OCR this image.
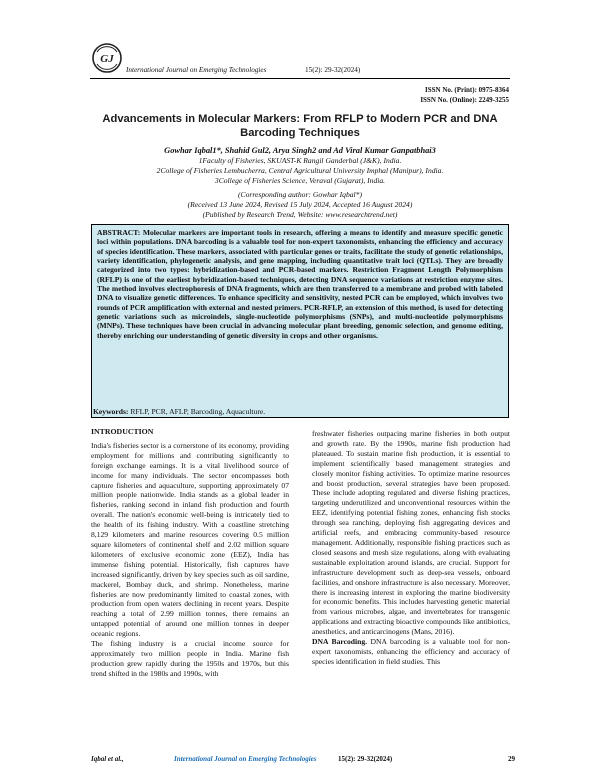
GJ
International Journal on Emerging Technologies	15(2): 29-32(2024)
ISSN No. (Print): 0975-8364
ISSN No. (Online): 2249-3255
Advancements in Molecular Markers: From RFLP to Modern PCR and DNA Barcoding Techniques
Gowhar Iqbal1*, Shahid Gul2, Arya Singh2 and Ad Viral Kumar Ganpatbhai3
1Faculty of Fisheries, SKUAST-K Rangil Ganderbal (J&K), India.
2College of Fisheries Lembucherra, Central Agricultural University Imphal (Manipur), India.
3College of Fisheries Science, Veraval (Gujarat), India.
(Corresponding author: Gowhar Iqbal*)
(Received 13 June 2024, Revised 15 July 2024, Accepted 16 August 2024)
(Published by Research Trend, Website: www.researchtrend.net)

ABSTRACT: Molecular markers are important tools in research, offering a means to identify and measure specific genetic loci within populations. DNA barcoding is a valuable tool for non-expert taxonomists, enhancing the efficiency and accuracy of species identification. These markers, associated with particular genes or traits, facilitate the study of genetic relationships, variety identification, phylogenetic analysis, and gene mapping, including quantitative trait loci (QTLs). They are broadly categorized into two types: hybridization-based and PCR-based markers. Restriction Fragment Length Polymorphism (RFLP) is one of the earliest hybridization-based techniques, detecting DNA sequence variations at restriction enzyme sites. The method involves electrophoresis of DNA fragments, which are then transferred to a membrane and probed with labeled DNA to visualize genetic differences. To enhance specificity and sensitivity, nested PCR can be employed, which involves two rounds of PCR amplification with external and nested primers. PCR-RFLP, an extension of this method, is used for detecting genetic variations such as microindels, single-nucleotide polymorphisms (SNPs), and multi-nucleotide polymorphisms (MNPs). These techniques have been crucial in advancing molecular plant breeding, genomic selection, and genome editing, thereby enriching our understanding of genetic diversity in crops and other organisms.

Keywords: RFLP, PCR, AFLP, Barcoding, Aquaculture.

INTRODUCTION

India's fisheries sector is a cornerstone of its economy, providing employment for millions and contributing significantly to foreign exchange earnings. It is a vital livelihood source of income for many individuals. The sector encompasses both capture fisheries and aquaculture, supporting approximately 07 million people nationwide. India stands as a global leader in fisheries, ranking second in inland fish production and fourth overall. The nation's economic well-being is intricately tied to the health of its fishing industry. With a coastline stretching 8,129 kilometers and marine resources covering 0.5 million square kilometers of continental shelf and 2.02 million square kilometers of exclusive economic zone (EEZ), India has immense fishing potential. Historically, fish captures have increased significantly, driven by key species such as oil sardine, mackerel, Bombay duck, and shrimp. Nonetheless, marine fisheries are now predominantly limited to coastal zones, with production from open waters declining in recent years. Despite reaching a total of 2.99 million tonnes, there remains an untapped potential of around one million tonnes in deeper oceanic regions.

The fishing industry is a crucial income source for approximately two million people in India. Marine fish production grew rapidly during the 1950s and 1970s, but this trend shifted in the 1980s and 1990s, with

freshwater fisheries outpacing marine fisheries in both output and growth rate. By the 1990s, marine fish production had plateaued. To sustain marine fish production, it is essential to implement scientifically based management strategies and closely monitor fishing activities. To optimize marine resources and boost production, several strategies have been proposed. These include adopting regulated and diverse fishing practices, targeting underutilized and unconventional resources within the EEZ, identifying potential fishing zones, enhancing fish stocks through sea ranching, deploying fish aggregating devices and artificial reefs, and embracing community-based resource management. Additionally, responsible fishing practices such as closed seasons and mesh size regulations, along with evaluating sustainable exploitation around islands, are crucial. Support for infrastructure development such as deep-sea vessels, onboard facilities, and onshore infrastructure is also necessary. Moreover, there is increasing interest in exploring the marine biodiversity for economic benefits. This includes harvesting genetic material from various microbes, algae, and invertebrates for transgenic applications and extracting bioactive compounds like antibiotics, anesthetics, and anticarcinogens (Mans, 2016).

DNA Barcoding. DNA barcoding is a valuable tool for non-expert taxonomists, enhancing the efficiency and accuracy of species identification in field studies. This

Iqbal et al.,	International Journal on Emerging Technologies	15(2): 29-32(2024)	29
